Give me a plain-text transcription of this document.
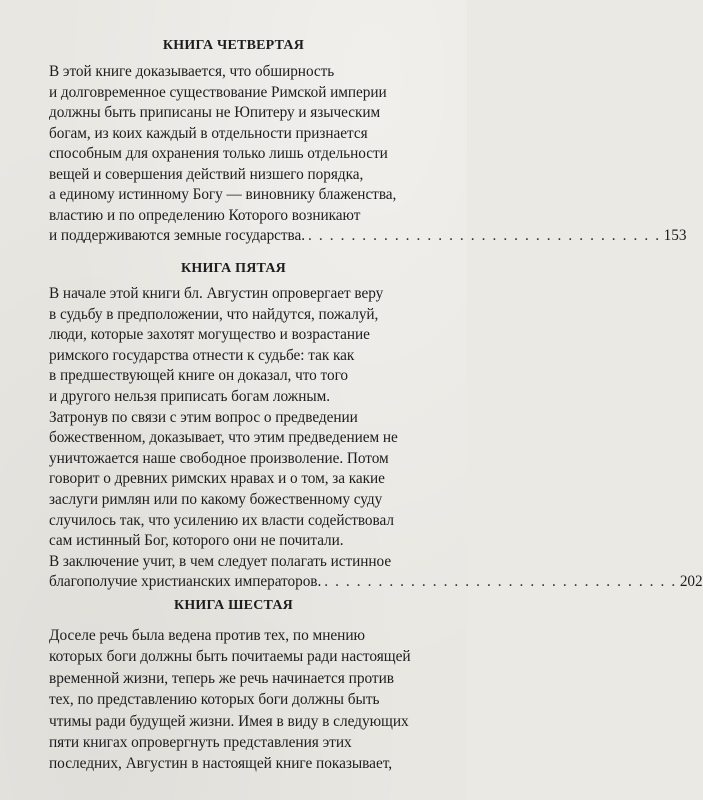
КНИГА ЧЕТВЕРТАЯ
В этой книге доказывается, что обширность
и долговременное существование Римской империи
должны быть приписаны не Юпитеру и языческим
богам, из коих каждый в отдельности признается
способным для охранения только лишь отдельности
вещей и совершения действий низшего порядка,
а единому истинному Богу — виновнику блаженства,
властию и по определению Которого возникают
и поддерживаются земные государства. . . . . . . . . . . . . . . . . . . . . . . . . . . . . . . . . . 153
КНИГА ПЯТАЯ
В начале этой книги бл. Августин опровергает веру
в судьбу в предположении, что найдутся, пожалуй,
люди, которые захотят могущество и возрастание
римского государства отнести к судьбе: так как
в предшествующей книге он доказал, что того
и другого нельзя приписать богам ложным.
Затронув по связи с этим вопрос о предведении
божественном, доказывает, что этим предведением не
уничтожается наше свободное произволение. Потом
говорит о древних римских нравах и о том, за какие
заслуги римлян или по какому божественному суду
случилось так, что усилению их власти содействовал
сам истинный Бог, которого они не почитали.
В заключение учит, в чем следует полагать истинное
благополучие христианских императоров. . . . . . . . . . . . . . . . . . . . . . . . . . . . . . . . . . 202
КНИГА ШЕСТАЯ
Доселе речь была ведена против тех, по мнению
которых боги должны быть почитаемы ради настоящей
временной жизни, теперь же речь начинается против
тех, по представлению которых боги должны быть
чтимы ради будущей жизни. Имея в виду в следующих
пяти книгах опровергнуть представления этих
последних, Августин в настоящей книге показывает,
